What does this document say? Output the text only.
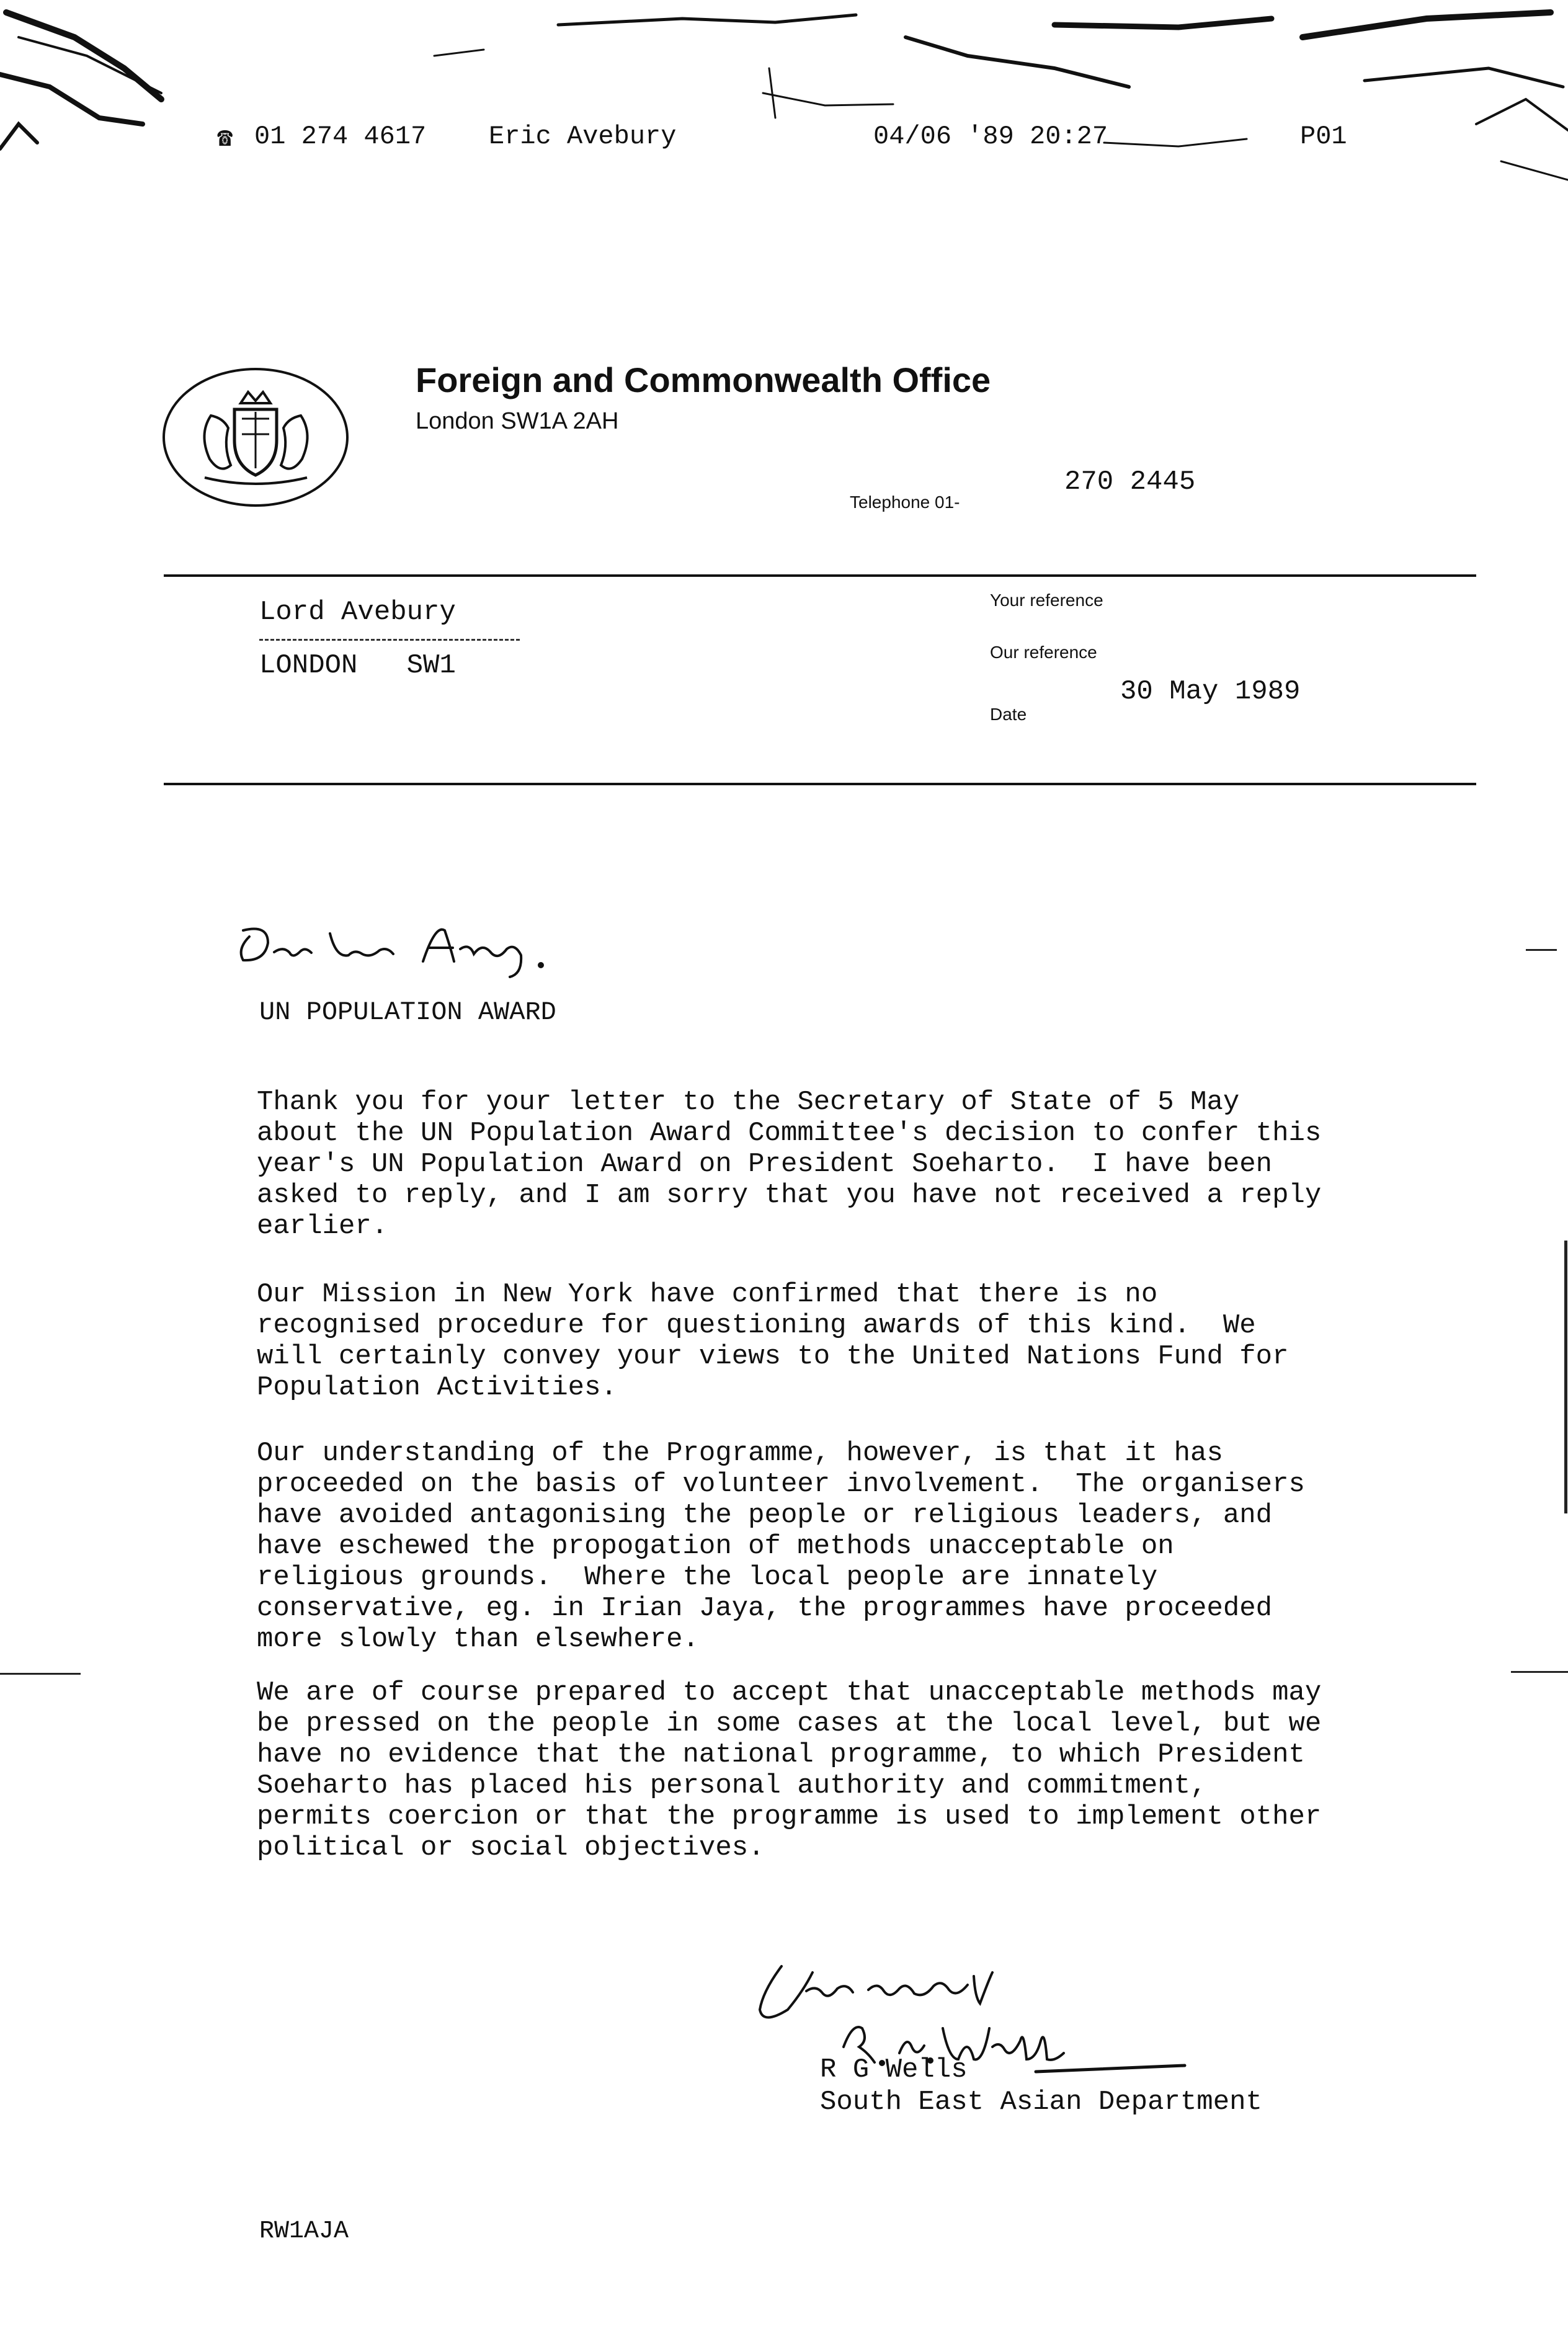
☎ 01 274 4617 Eric Avebury	04/06 '89 20:27	P01
Foreign and Commonwealth Office
London SW1A 2AH
Telephone 01-
270 2445
Lord Avebury
LONDON   SW1
Your reference
Our reference
Date
30 May 1989
UN POPULATION AWARD
Thank you for your letter to the Secretary of State of 5 May
about the UN Population Award Committee's decision to confer this
year's UN Population Award on President Soeharto.  I have been
asked to reply, and I am sorry that you have not received a reply
earlier.
Our Mission in New York have confirmed that there is no
recognised procedure for questioning awards of this kind.  We
will certainly convey your views to the United Nations Fund for
Population Activities.
Our understanding of the Programme, however, is that it has
proceeded on the basis of volunteer involvement.  The organisers
have avoided antagonising the people or religious leaders, and
have eschewed the propogation of methods unacceptable on
religious grounds.  Where the local people are innately
conservative, eg. in Irian Jaya, the programmes have proceeded
more slowly than elsewhere.
We are of course prepared to accept that unacceptable methods may
be pressed on the people in some cases at the local level, but we
have no evidence that the national programme, to which President
Soeharto has placed his personal authority and commitment,
permits coercion or that the programme is used to implement other
political or social objectives.
R G Wells
South East Asian Department
RW1AJA
